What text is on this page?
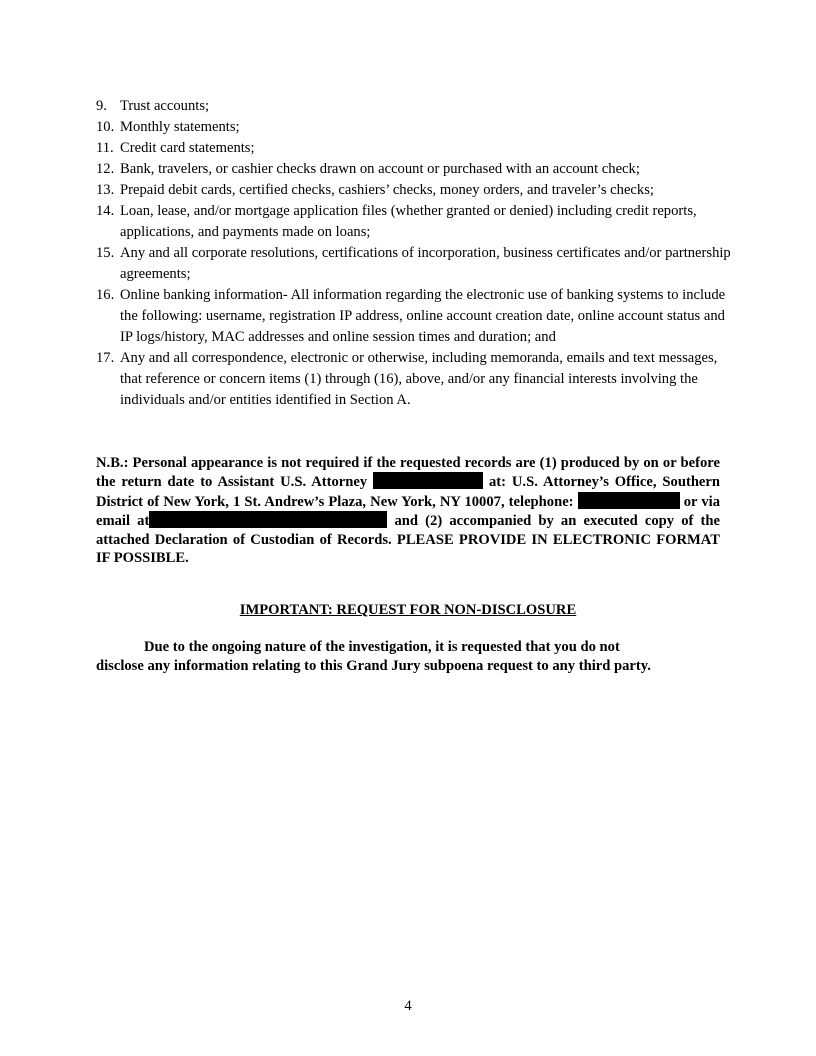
9. Trust accounts;
10. Monthly statements;
11. Credit card statements;
12. Bank, travelers, or cashier checks drawn on account or purchased with an account check;
13. Prepaid debit cards, certified checks, cashiers’ checks, money orders, and traveler’s checks;
14. Loan, lease, and/or mortgage application files (whether granted or denied) including credit reports, applications, and payments made on loans;
15. Any and all corporate resolutions, certifications of incorporation, business certificates and/or partnership agreements;
16. Online banking information- All information regarding the electronic use of banking systems to include the following: username, registration IP address, online account creation date, online account status and IP logs/history, MAC addresses and online session times and duration; and
17. Any and all correspondence, electronic or otherwise, including memoranda, emails and text messages, that reference or concern items (1) through (16), above, and/or any financial interests involving the individuals and/or entities identified in Section A.

N.B.: Personal appearance is not required if the requested records are (1) produced by on or before the return date to Assistant U.S. Attorney	at: U.S. Attorney’s Office, Southern District of New York, 1 St. Andrew’s Plaza, New York, NY 10007, telephone:	or via email at	and (2) accompanied by an executed copy of the attached Declaration of Custodian of Records. PLEASE PROVIDE IN ELECTRONIC FORMAT IF POSSIBLE.

IMPORTANT: REQUEST FOR NON-DISCLOSURE

Due to the ongoing nature of the investigation, it is requested that you do not
disclose any information relating to this Grand Jury subpoena request to any third party.
4
